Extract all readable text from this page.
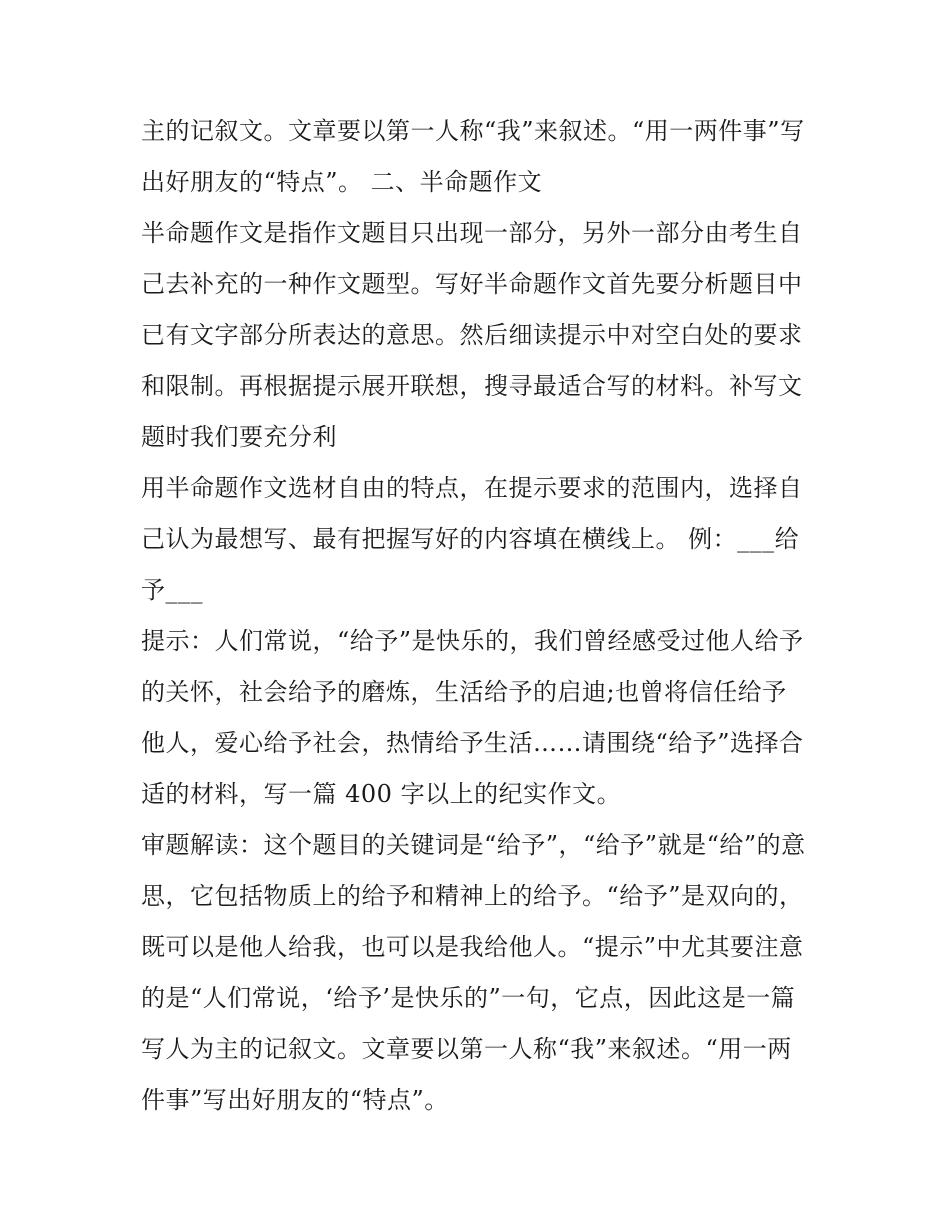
主的记叙文。文章要以第一人称“我”来叙述。“用一两件事”写
出好朋友的“特点”。 二、半命题作文
半命题作文是指作文题目只出现一部分，另外一部分由考生自
己去补充的一种作文题型。写好半命题作文首先要分析题目中
已有文字部分所表达的意思。然后细读提示中对空白处的要求
和限制。再根据提示展开联想，搜寻最适合写的材料。补写文
题时我们要充分利
用半命题作文选材自由的特点，在提示要求的范围内，选择自
己认为最想写、最有把握写好的内容填在横线上。 例：___给
予___
提示：人们常说，“给予”是快乐的，我们曾经感受过他人给予
的关怀，社会给予的磨炼，生活给予的启迪;也曾将信任给予
他人，爱心给予社会，热情给予生活……请围绕“给予”选择合
适的材料，写一篇 400 字以上的纪实作文。
审题解读：这个题目的关键词是“给予”，“给予”就是“给”的意
思，它包括物质上的给予和精神上的给予。“给予”是双向的，
既可以是他人给我，也可以是我给他人。“提示”中尤其要注意
的是“人们常说，‘给予’是快乐的”一句，它点，因此这是一篇
写人为主的记叙文。文章要以第一人称“我”来叙述。“用一两
件事”写出好朋友的“特点”。
